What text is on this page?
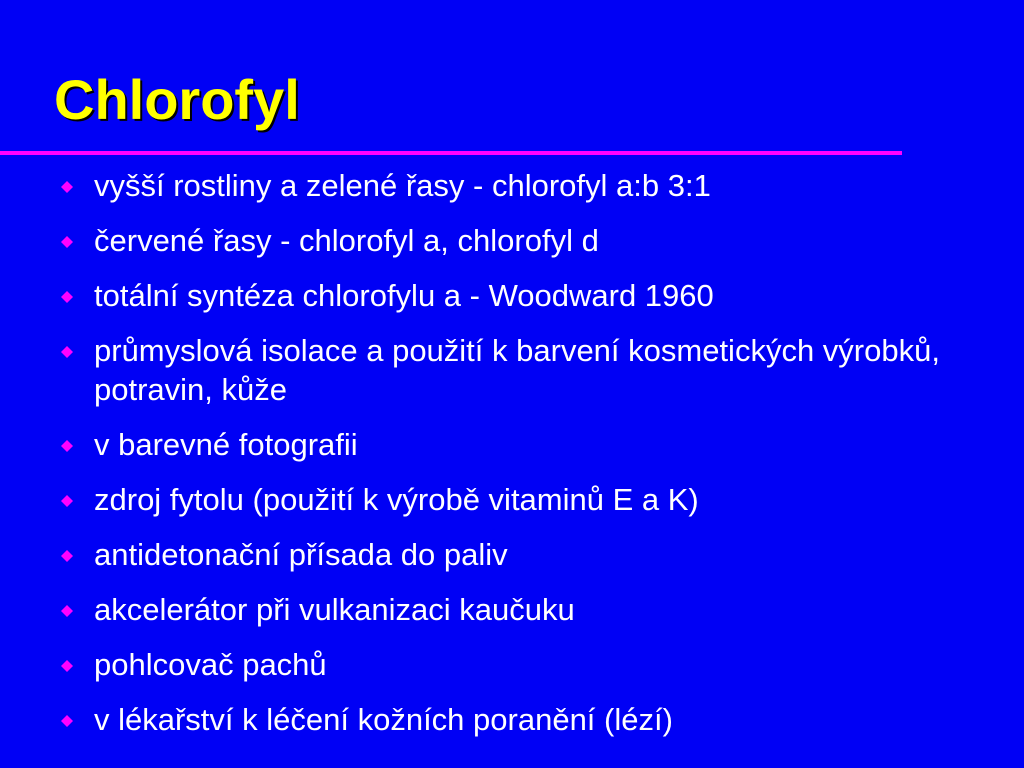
Chlorofyl
vyšší rostliny a zelené řasy - chlorofyl a:b 3:1
červené řasy - chlorofyl a, chlorofyl d
totální syntéza chlorofylu a - Woodward 1960
průmyslová isolace a použití k barvení kosmetických výrobků, potravin, kůže
v barevné fotografii
zdroj fytolu (použití k výrobě vitaminů E a K)
antidetonační přísada do paliv
akcelerátor při vulkanizaci kaučuku
pohlcovač pachů
v lékařství k léčení kožních poranění (lézí)
